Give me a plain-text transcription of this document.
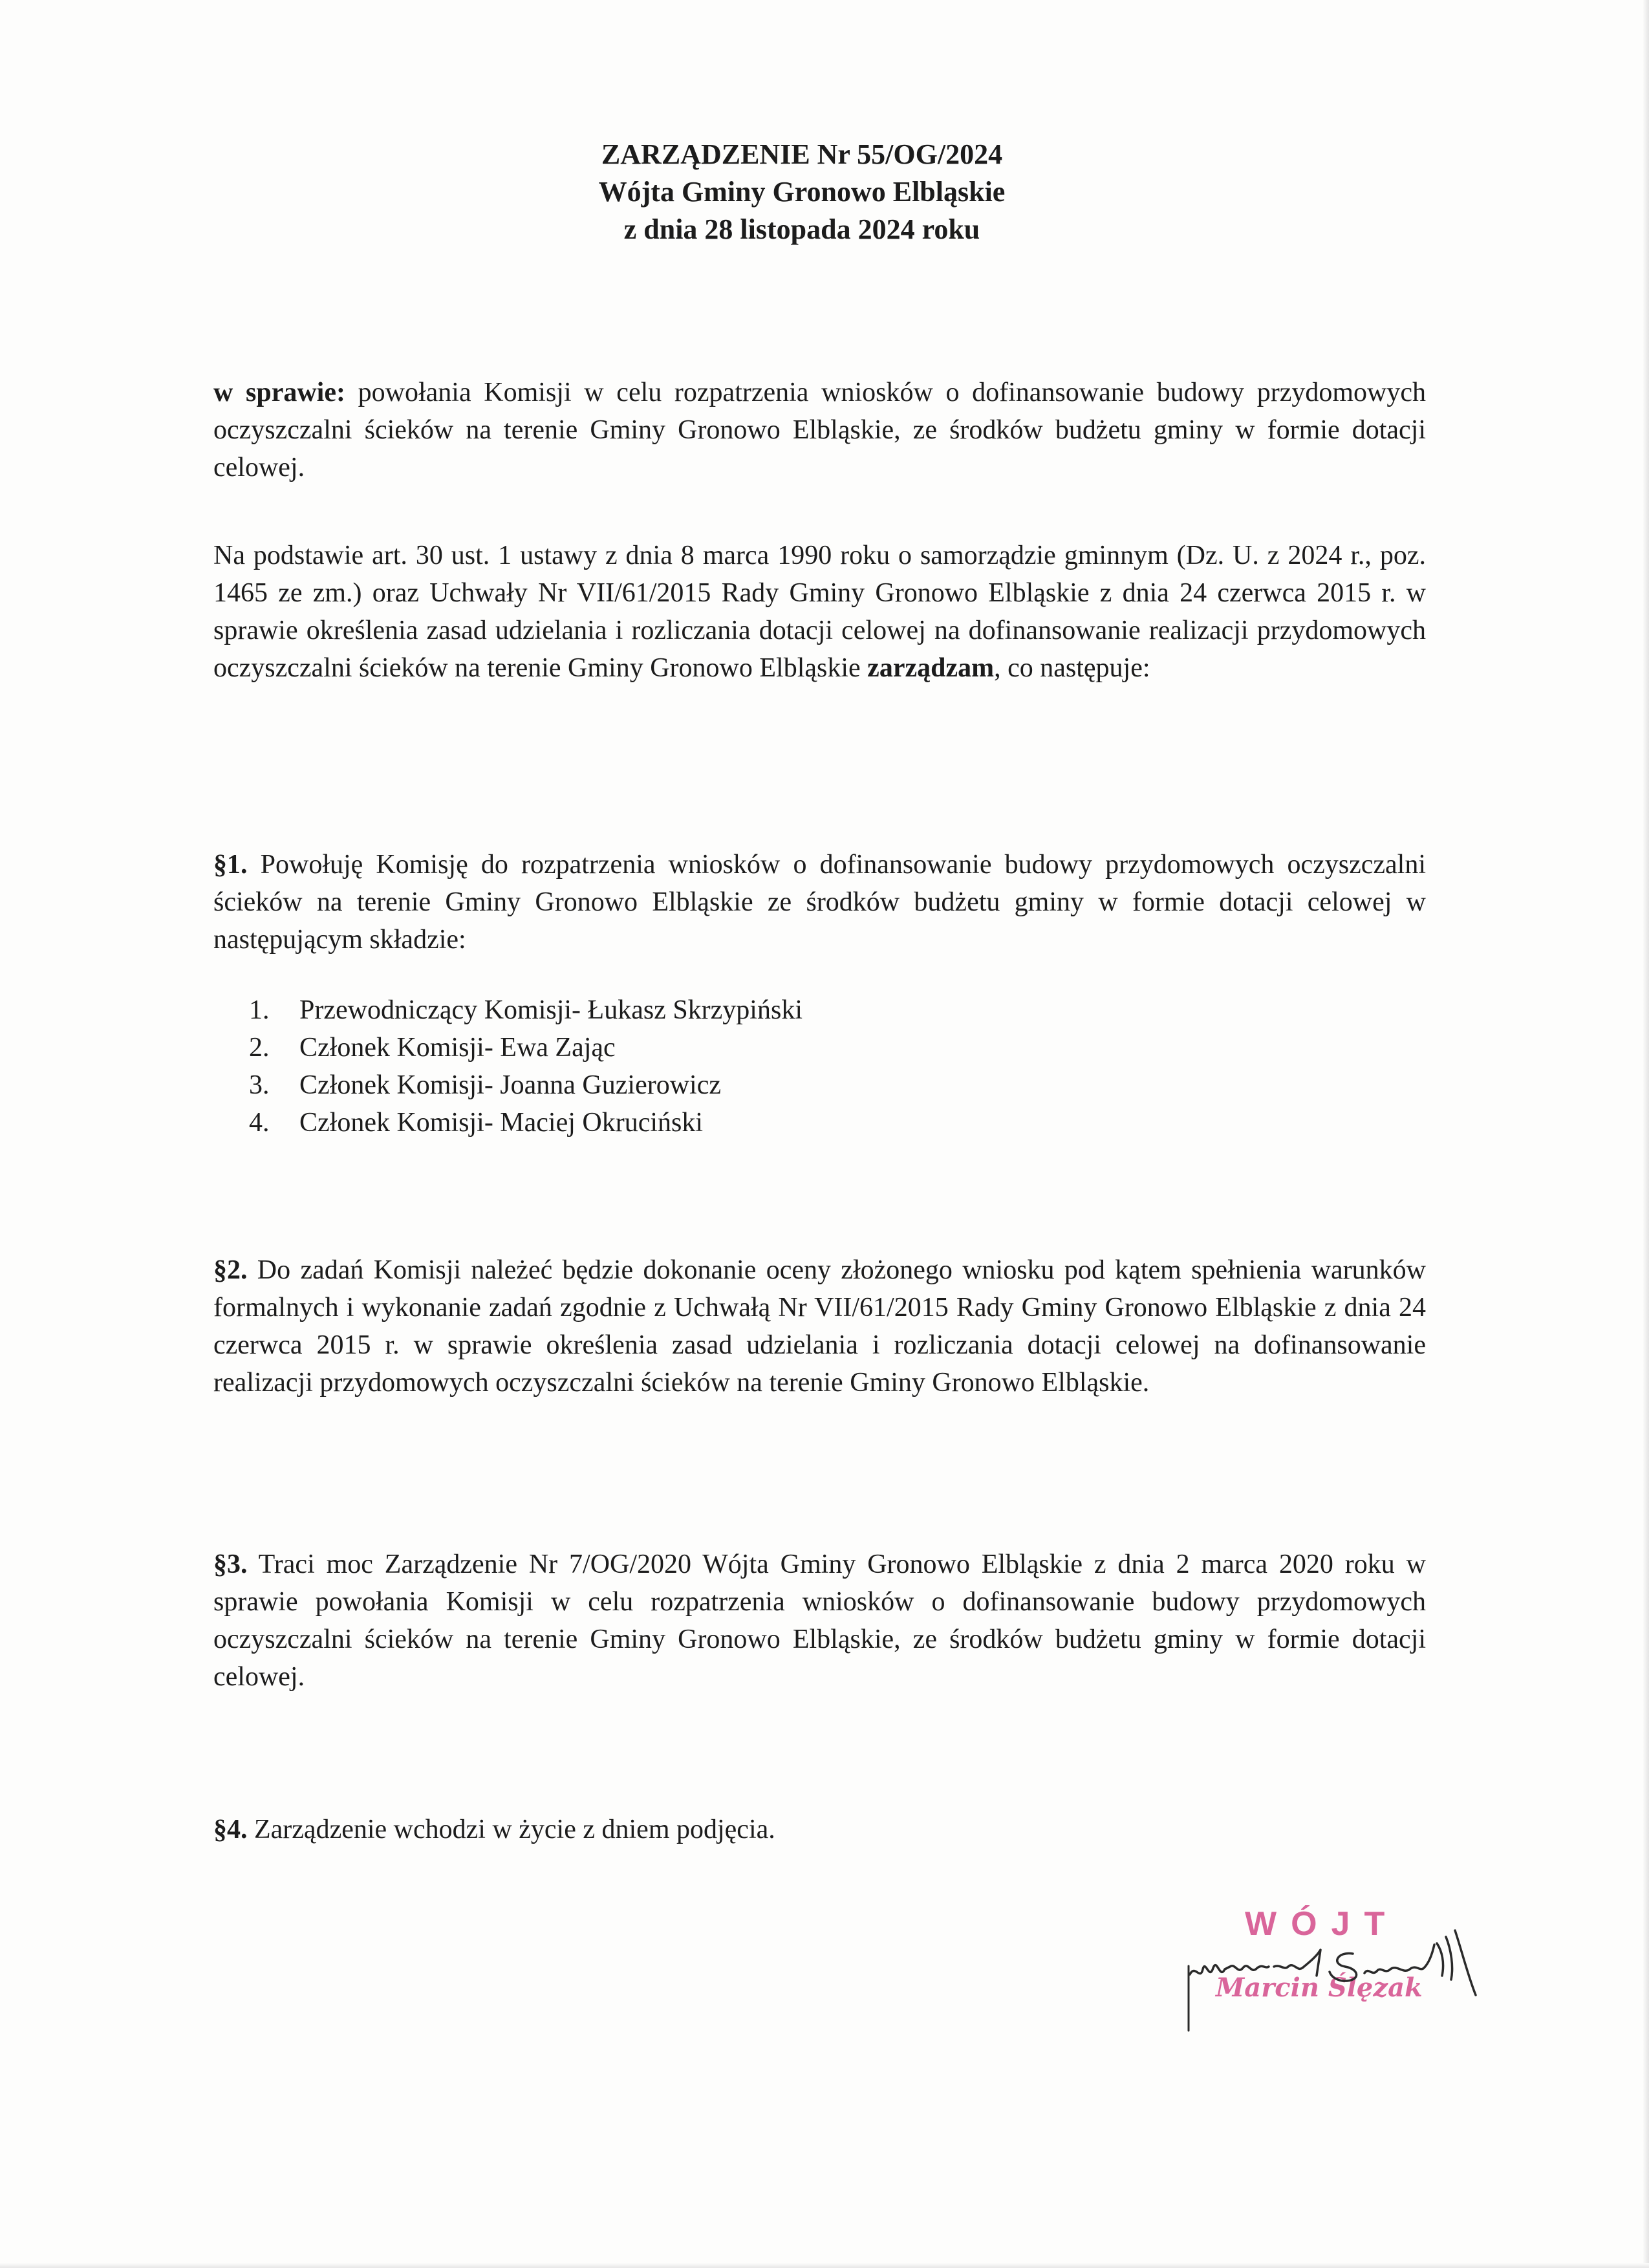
ZARZĄDZENIE Nr 55/OG/2024
Wójta Gminy Gronowo Elbląskie
z dnia 28 listopada 2024 roku
w sprawie: powołania Komisji w celu rozpatrzenia wniosków o dofinansowanie budowy przydomowych oczyszczalni ścieków na terenie Gminy Gronowo Elbląskie, ze środków budżetu gminy w formie dotacji celowej.
Na podstawie art. 30 ust. 1 ustawy z dnia 8 marca 1990 roku o samorządzie gminnym (Dz. U. z 2024 r., poz. 1465 ze zm.) oraz Uchwały Nr VII/61/2015 Rady Gminy Gronowo Elbląskie z dnia 24 czerwca 2015 r. w sprawie określenia zasad udzielania i rozliczania dotacji celowej na dofinansowanie realizacji przydomowych oczyszczalni ścieków na terenie Gminy Gronowo Elbląskie zarządzam, co następuje:
§1. Powołuję Komisję do rozpatrzenia wniosków o dofinansowanie budowy przydomowych oczyszczalni ścieków na terenie Gminy Gronowo Elbląskie ze środków budżetu gminy w formie dotacji celowej w następującym składzie:
1.	Przewodniczący Komisji- Łukasz Skrzypiński
2.	Członek Komisji- Ewa Zając
3.	Członek Komisji- Joanna Guzierowicz
4.	Członek Komisji- Maciej Okruciński
§2. Do zadań Komisji należeć będzie dokonanie oceny złożonego wniosku pod kątem spełnienia warunków formalnych i wykonanie zadań zgodnie z Uchwałą Nr VII/61/2015 Rady Gminy Gronowo Elbląskie z dnia 24 czerwca 2015 r. w sprawie określenia zasad udzielania i rozliczania dotacji celowej na dofinansowanie realizacji przydomowych oczyszczalni ścieków na terenie Gminy Gronowo Elbląskie.
§3. Traci moc Zarządzenie Nr 7/OG/2020 Wójta Gminy Gronowo Elbląskie z dnia 2 marca 2020 roku w sprawie powołania Komisji w celu rozpatrzenia wniosków o dofinansowanie budowy przydomowych oczyszczalni ścieków na terenie Gminy Gronowo Elbląskie, ze środków budżetu gminy w formie dotacji celowej.
§4. Zarządzenie wchodzi w życie z dniem podjęcia.
WÓJT
Marcin Ślęzak
